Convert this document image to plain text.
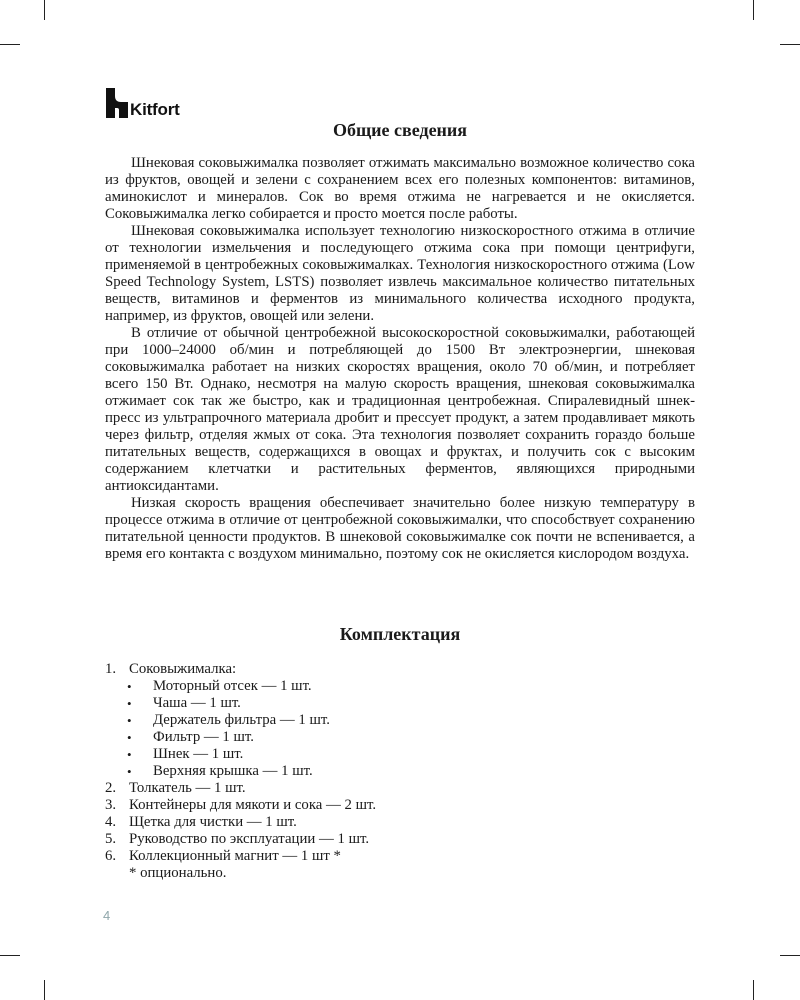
Kitfort
Общие сведения

Шнековая соковыжималка позволяет отжимать максимально возможное количество сока из фруктов, овощей и зелени с сохранением всех его полезных компонентов: витаминов, аминокислот и минералов. Сок во время отжима не нагревается и не окисляется. Соковыжималка легко собирается и просто моется после работы.

Шнековая соковыжималка использует технологию низкоскоростного отжима в отличие от технологии измельчения и последующего отжима сока при помощи центрифуги, применяемой в центробежных соковыжималках. Технология низкоскоростного отжима (Low Speed Technology System, LSTS) позволяет извлечь максимальное количество питательных веществ, витаминов и ферментов из минимального количества исходного продукта, например, из фруктов, овощей или зелени.

В отличие от обычной центробежной высокоскоростной соковыжималки, работающей при 1000–24000 об/мин и потребляющей до 1500 Вт электроэнергии, шнековая соковыжималка работает на низких скоростях вращения, около 70 об/мин, и потребляет всего 150 Вт. Однако, несмотря на малую скорость вращения, шнековая соковыжималка отжимает сок так же быстро, как и традиционная центробежная. Спиралевидный шнек-пресс из ультрапрочного материала дробит и прессует продукт, а затем продавливает мякоть через фильтр, отделяя жмых от сока. Эта технология позволяет сохранить гораздо больше питательных веществ, содержащихся в овощах и фруктах, и получить сок с высоким содержанием клетчатки и растительных ферментов, являющихся природными антиоксидантами.

Низкая скорость вращения обеспечивает значительно более низкую температуру в процессе отжима в отличие от центробежной соковыжималки, что способствует сохранению питательной ценности продуктов. В шнековой соковыжималке сок почти не вспенивается, а время его контакта с воздухом минимально, поэтому сок не окисляется кислородом воздуха.

Комплектация
1. Соковыжималка:
• Моторный отсек — 1 шт.
• Чаша — 1 шт.
• Держатель фильтра — 1 шт.
• Фильтр — 1 шт.
• Шнек — 1 шт.
• Верхняя крышка — 1 шт.
2. Толкатель — 1 шт.
3. Контейнеры для мякоти и сока — 2 шт.
4. Щетка для чистки — 1 шт.
5. Руководство по эксплуатации — 1 шт.
6. Коллекционный магнит — 1 шт *
* опционально.
4
